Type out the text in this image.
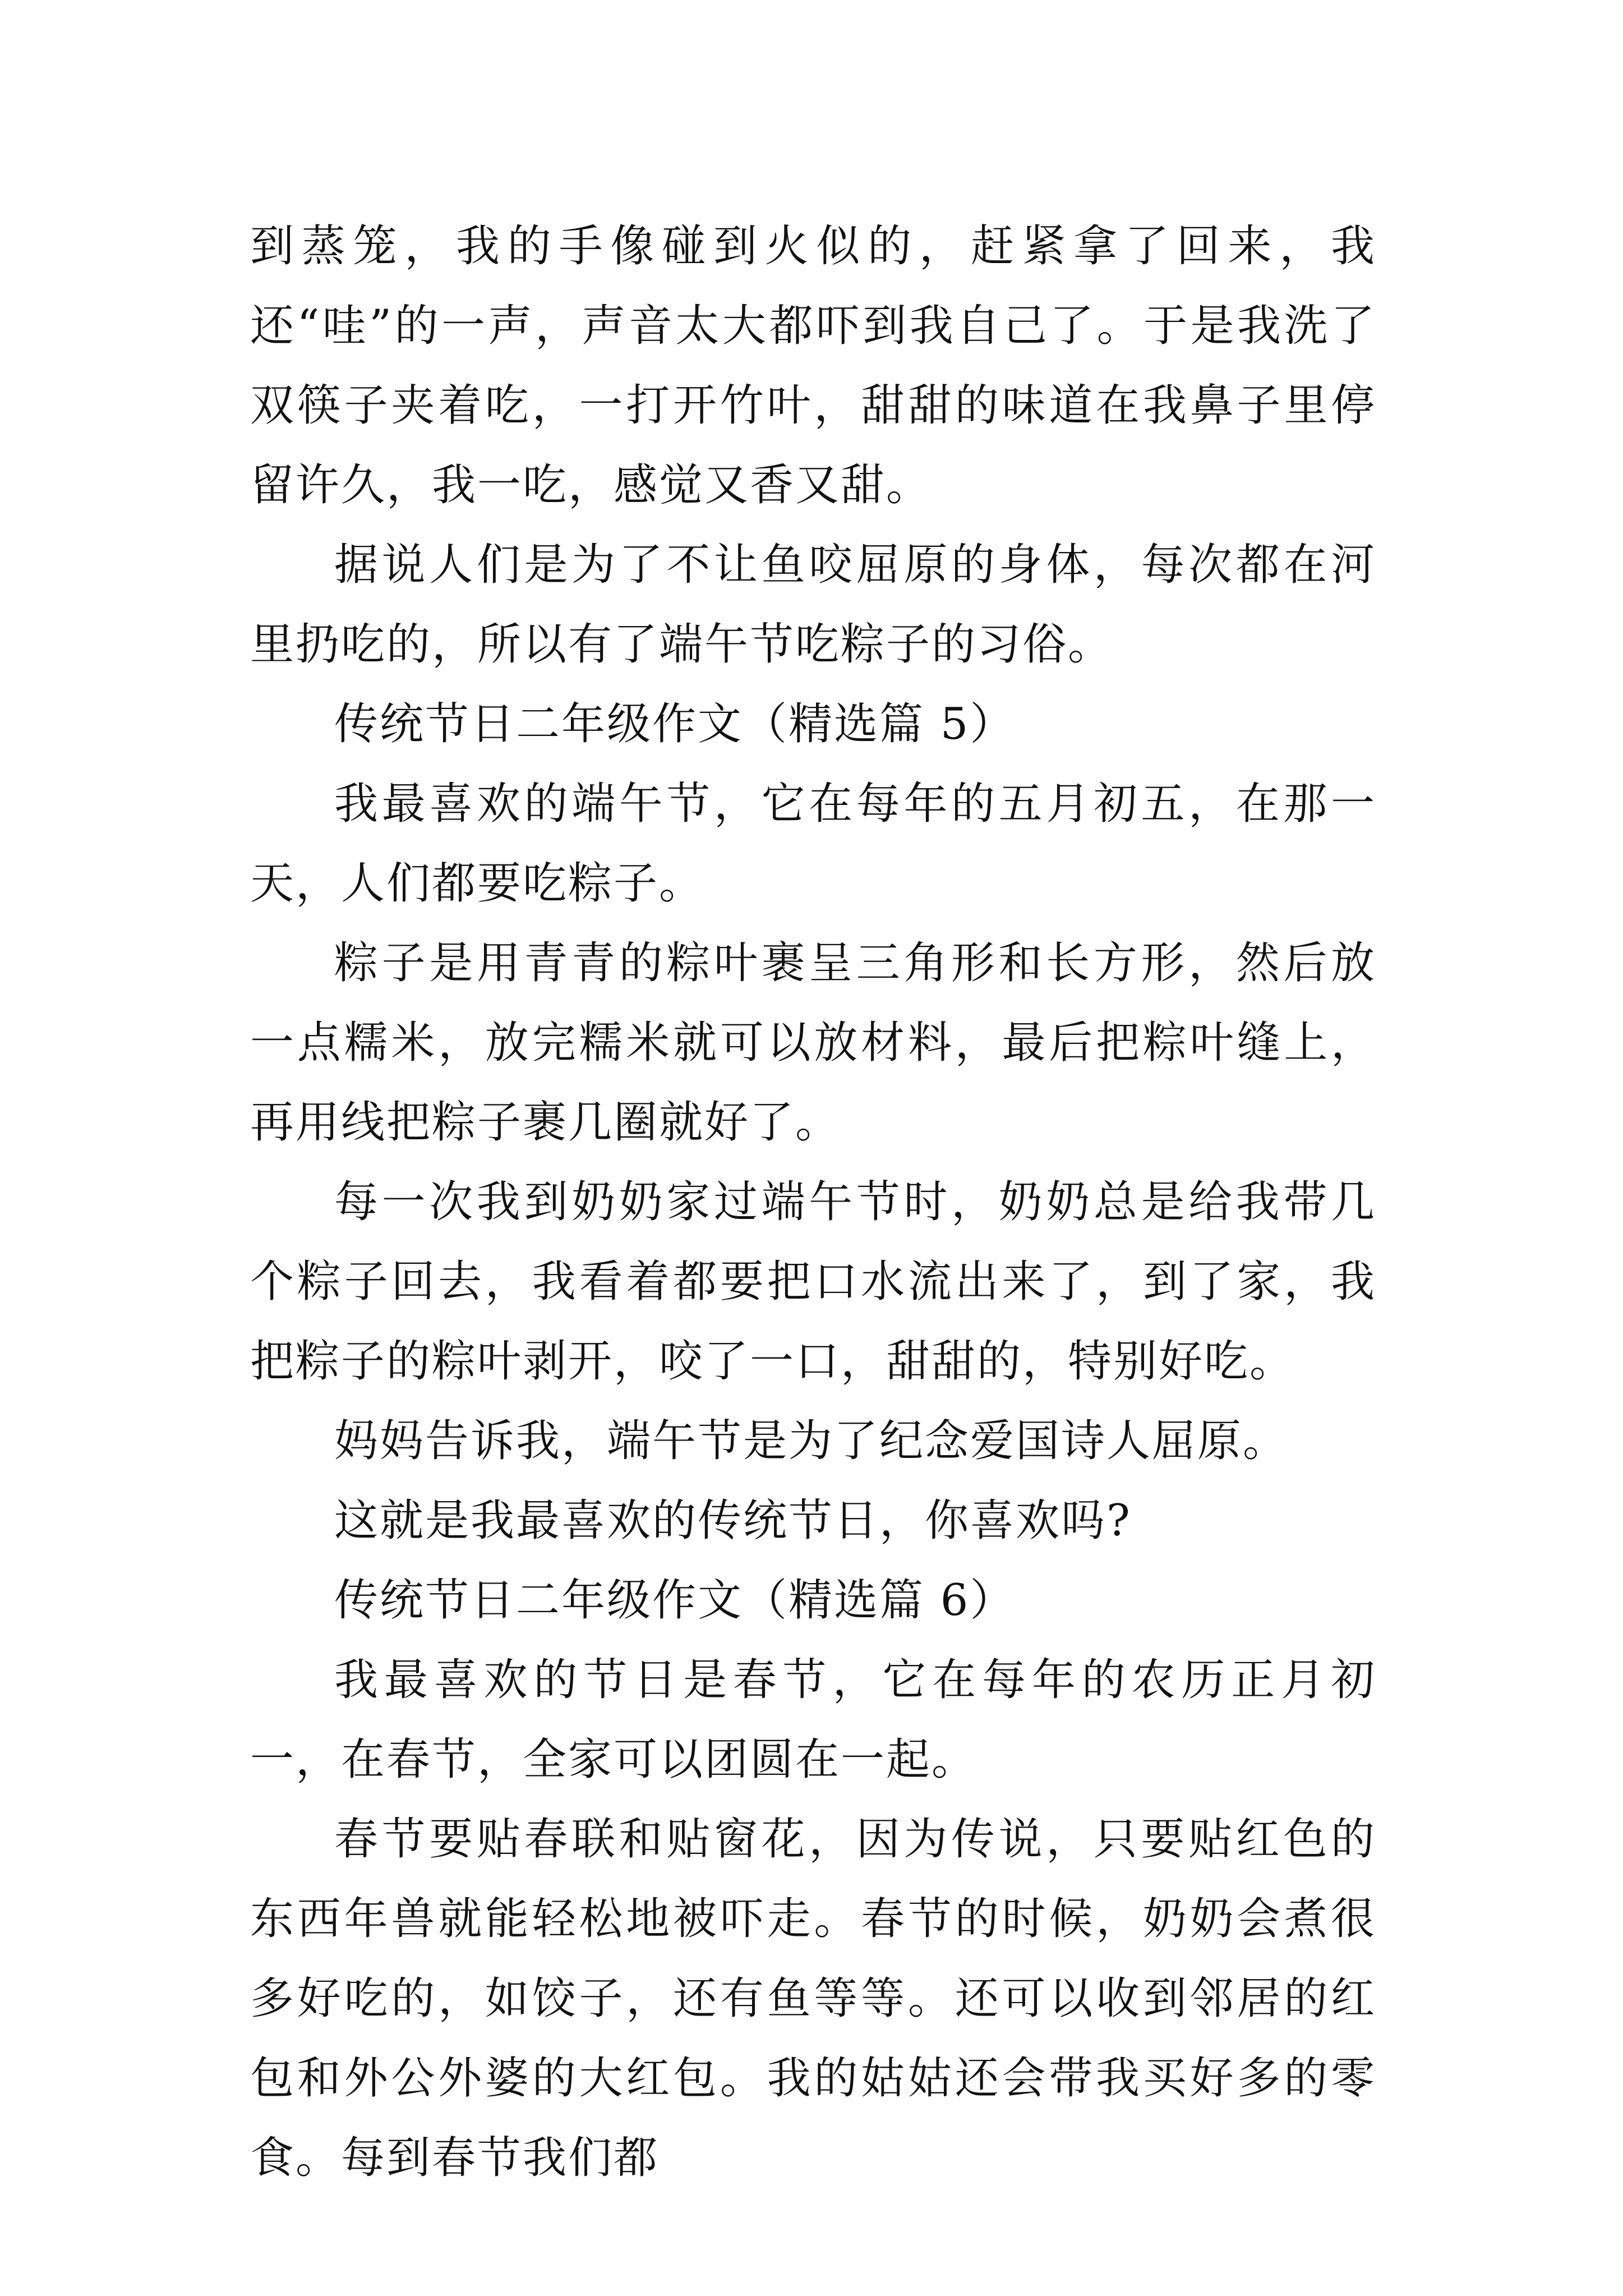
到蒸笼，我的手像碰到火似的，赶紧拿了回来，我还“哇”的一声，声音太大都吓到我自己了。于是我洗了双筷子夹着吃，一打开竹叶，甜甜的味道在我鼻子里停留许久，我一吃，感觉又香又甜。

据说人们是为了不让鱼咬屈原的身体，每次都在河里扔吃的，所以有了端午节吃粽子的习俗。

传统节日二年级作文（精选篇 5）

我最喜欢的端午节，它在每年的五月初五，在那一天，人们都要吃粽子。

粽子是用青青的粽叶裹呈三角形和长方形，然后放一点糯米，放完糯米就可以放材料，最后把粽叶缝上，再用线把粽子裹几圈就好了。

每一次我到奶奶家过端午节时，奶奶总是给我带几个粽子回去，我看着都要把口水流出来了，到了家，我把粽子的粽叶剥开，咬了一口，甜甜的，特别好吃。

妈妈告诉我，端午节是为了纪念爱国诗人屈原。

这就是我最喜欢的传统节日，你喜欢吗?

传统节日二年级作文（精选篇 6）

我最喜欢的节日是春节，它在每年的农历正月初一，在春节，全家可以团圆在一起。

春节要贴春联和贴窗花，因为传说，只要贴红色的东西年兽就能轻松地被吓走。春节的时候，奶奶会煮很多好吃的，如饺子，还有鱼等等。还可以收到邻居的红包和外公外婆的大红包。我的姑姑还会带我买好多的零食。每到春节我们都
